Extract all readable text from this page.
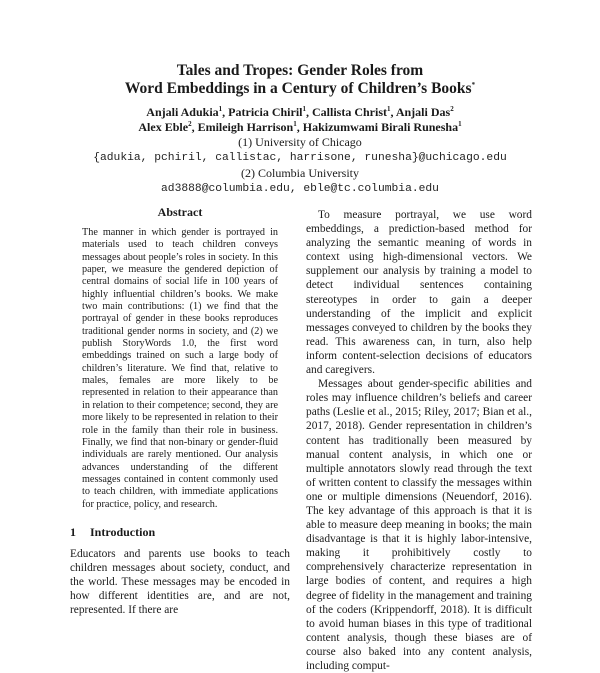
Tales and Tropes: Gender Roles from
Word Embeddings in a Century of Children’s Books*
Anjali Adukia$^1$, Patricia Chiril$^1$, Callista Christ$^1$, Anjali Das$^2$
Alex Eble$^2$, Emileigh Harrison$^1$, Hakizumwami Birali Runesha$^1$
(1) University of Chicago
{adukia, pchiril, callistac, harrisone, runesha}@uchicago.edu
(2) Columbia University
ad3888@columbia.edu, eble@tc.columbia.edu
Abstract
The manner in which gender is portrayed in materials used to teach children conveys messages about people’s roles in society. In this paper, we measure the gendered depiction of central domains of social life in 100 years of highly influential children’s books. We make two main contributions: (1) we find that the portrayal of gender in these books reproduces traditional gender norms in society, and (2) we publish StoryWords 1.0, the first word embeddings trained on such a large body of children’s literature. We find that, relative to males, females are more likely to be represented in relation to their appearance than in relation to their competence; second, they are more likely to be represented in relation to their role in the family than their role in business. Finally, we find that non-binary or gender-fluid individuals are rarely mentioned. Our analysis advances understanding of the different messages contained in content commonly used to teach children, with immediate applications for practice, policy, and research.
1 Introduction

Educators and parents use books to teach children messages about society, conduct, and the world. These messages may be encoded in how different identities are, and are not, represented. If there are

To measure portrayal, we use word embeddings, a prediction-based method for analyzing the semantic meaning of words in context using high-dimensional vectors. We supplement our analysis by training a model to detect individual sentences containing stereotypes in order to gain a deeper understanding of the implicit and explicit messages conveyed to children by the books they read. This awareness can, in turn, also help inform content-selection decisions of educators and caregivers.

Messages about gender-specific abilities and roles may influence children’s beliefs and career paths (Leslie et al., 2015; Riley, 2017; Bian et al., 2017, 2018). Gender representation in children’s content has traditionally been measured by manual content analysis, in which one or multiple annotators slowly read through the text of written content to classify the messages within one or multiple dimensions (Neuendorf, 2016). The key advantage of this approach is that it is able to measure deep meaning in books; the main disadvantage is that it is highly labor-intensive, making it prohibitively costly to comprehensively characterize representation in large bodies of content, and requires a high degree of fidelity in the management and training of the coders (Krippendorff, 2018). It is difficult to avoid human biases in this type of traditional content analysis, though these biases are of course also baked into any content analysis, including comput-
